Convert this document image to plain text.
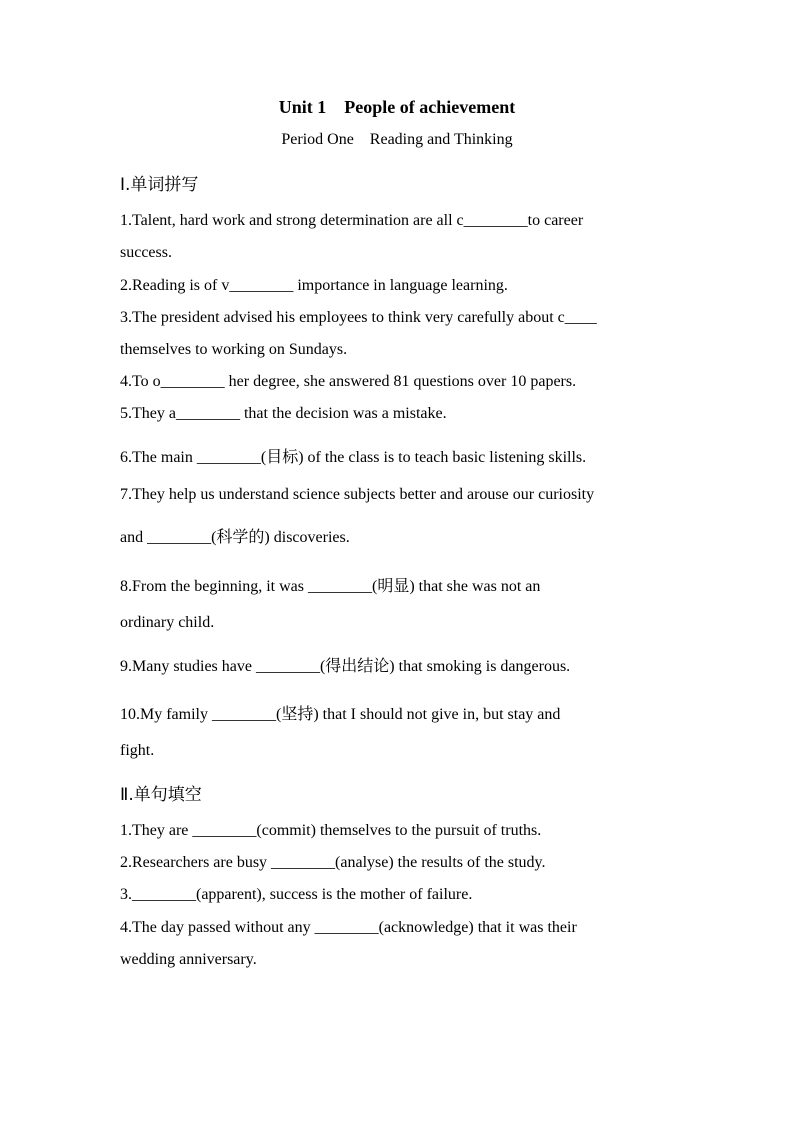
Unit 1    People of achievement
Period One    Reading and Thinking
Ⅰ.单词拼写
1.Talent, hard work and strong determination are all c________to career
success.
2.Reading is of v________ importance in language learning.
3.The president advised his employees to think very carefully about c____
themselves to working on Sundays.
4.To o________ her degree, she answered 81 questions over 10 papers.
5.They a________ that the decision was a mistake.
6.The main ________(目标) of the class is to teach basic listening skills.
7.They help us understand science subjects better and arouse our curiosity
and ________(科学的) discoveries.
8.From the beginning, it was ________(明显) that she was not an
ordinary child.
9.Many studies have ________(得出结论) that smoking is dangerous.
10.My family ________(坚持) that I should not give in, but stay and
fight.
Ⅱ.单句填空
1.They are ________(commit) themselves to the pursuit of truths.
2.Researchers are busy ________(analyse) the results of the study.
3.________(apparent), success is the mother of failure.
4.The day passed without any ________(acknowledge) that it was their
wedding anniversary.
